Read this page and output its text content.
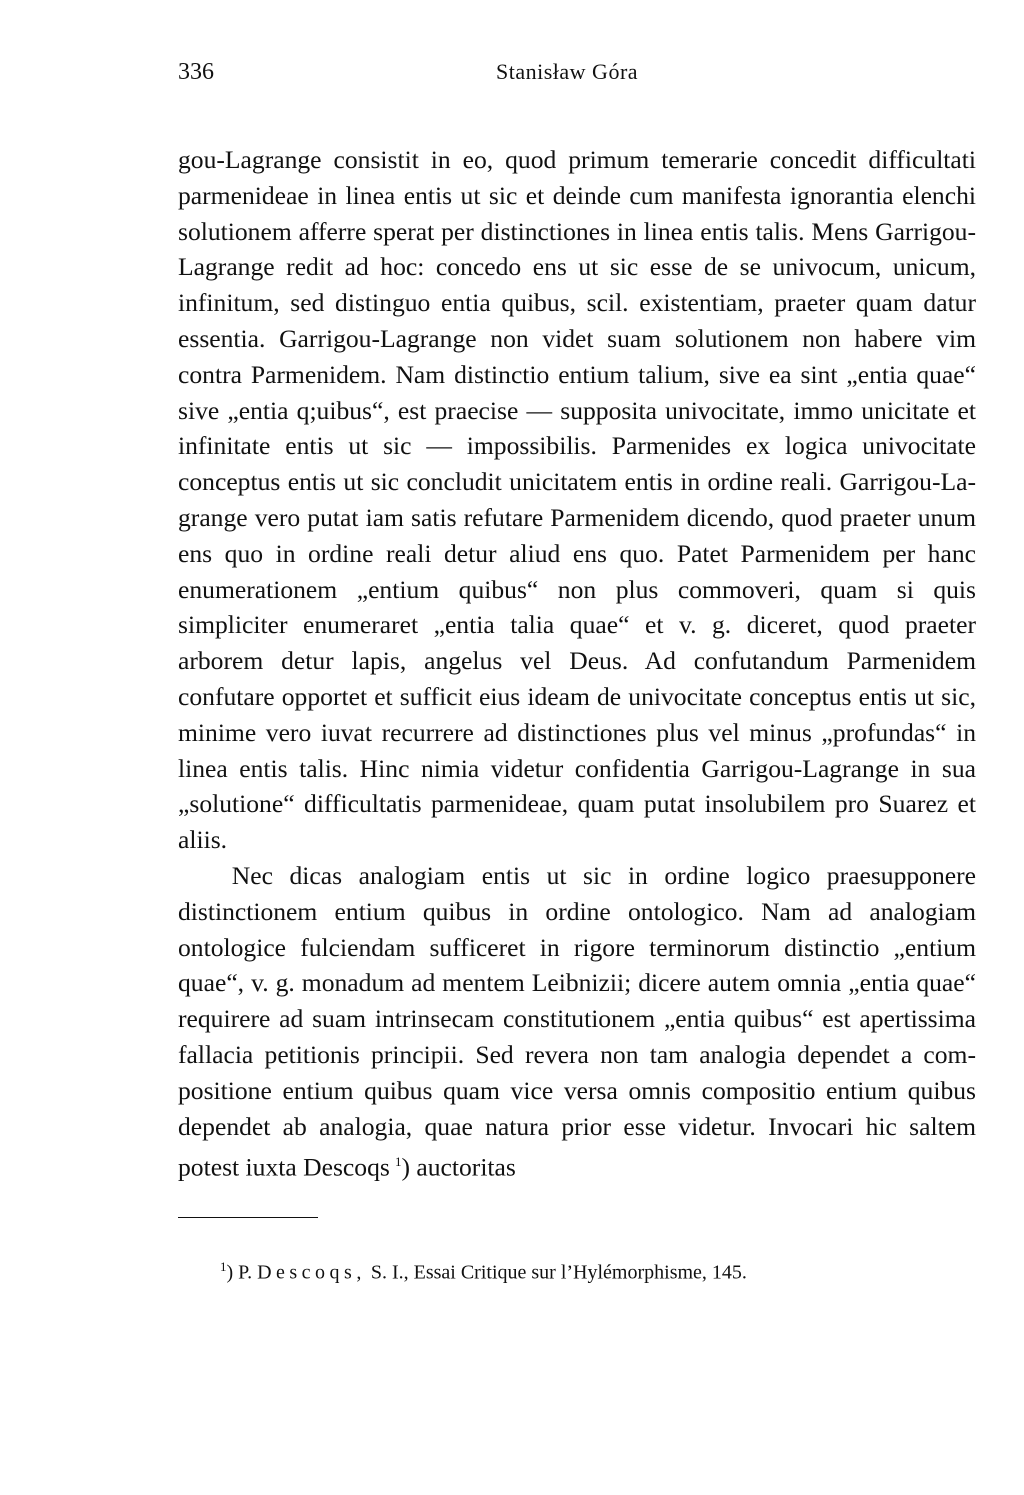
336	Stanisław Góra

gou-Lagrange consistit in eo, quod primum temerarie concedit difficultati parmenideae in linea entis ut sic et deinde cum manifesta ignorantia elenchi solutionem afferre sperat per distinctiones in linea entis talis. Mens Garrigou-Lagrange redit ad hoc: concedo ens ut sic esse de se univocum, unicum, infinitum, sed distinguo entia quibus, scil. existentiam, praeter quam datur essentia. Garrigou-Lagrange non videt suam solutionem non habere vim contra Parmenidem. Nam distinctio entium talium, sive ea sint „entia quae“ sive „entia q;uibus“, est praecise — supposita univocitate, immo unicitate et infinitate entis ut sic — impossibilis. Parmenides ex logica univocitate conceptus entis ut sic concludit unicitatem entis in ordine reali. Garrigou-Lagrange vero putat iam satis refutare Parmenidem dicendo, quod praeter unum ens quo in ordine reali detur aliud ens quo. Patet Parmenidem per hanc enumerationem „entium quibus“ non plus commoveri, quam si quis simpliciter enumeraret „entia talia quae“ et v. g. diceret, quod praeter arborem detur lapis, angelus vel Deus. Ad confutandum Parmenidem confutare opportet et sufficit eius ideam de univocitate conceptus entis ut sic, minime vero iuvat recurrere ad distinctiones plus vel minus „profundas“ in linea entis talis. Hinc nimia videtur confidentia Garrigou-Lagrange in sua „solutione“ difficultatis parmenideae, quam putat insolubilem pro Suarez et aliis.

Nec dicas analogiam entis ut sic in ordine logico praesupponere distinctionem entium quibus in ordine ontologico. Nam ad analogiam ontologice fulciendam sufficeret in rigore terminorum distinctio „entium quae“, v. g. monadum ad mentem Leibnizii; dicere autem omnia „entia quae“ requirere ad suam intrinsecam constitutionem „entia quibus“ est apertissima fallacia petitionis principii. Sed revera non tam analogia dependet a compositione entium quibus quam vice versa omnis compositio entium quibus dependet ab analogia, quae natura prior esse videtur. Invocari hic saltem potest iuxta Descoqs  $^1$) auctoritas

$^1$) P. Descoqs, S. I., Essai Critique sur l’Hylémorphisme, 145.
